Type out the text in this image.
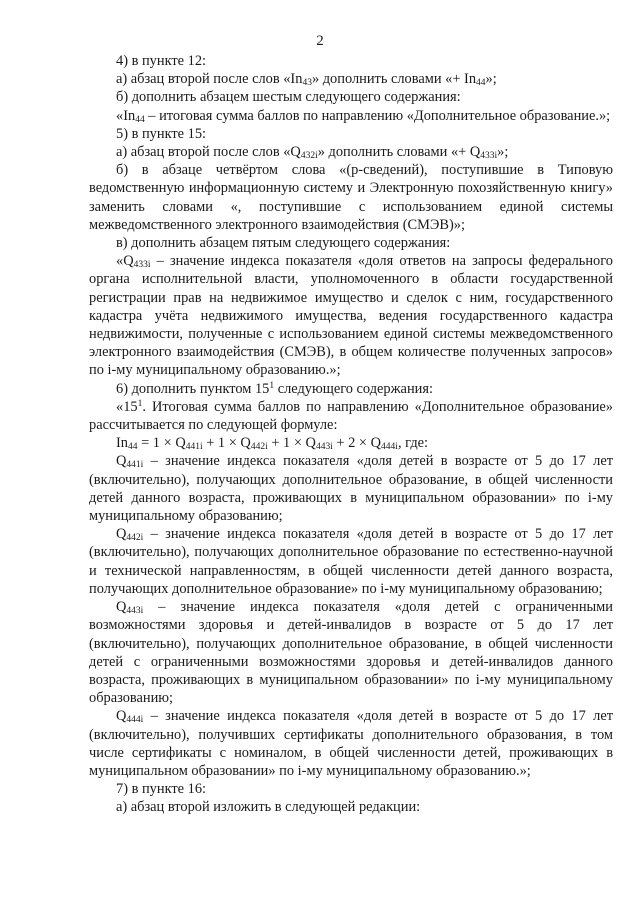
2

4) в пункте 12:

а) абзац второй после слов «$In_{43}$» дополнить словами «+ $In_{44}$»;

б) дополнить абзацем шестым следующего содержания:

«$In_{44}$ – итоговая сумма баллов по направлению «Дополнительное образование.»;

5) в пункте 15:

а) абзац второй после слов «$Q_{432i}$» дополнить словами «+ $Q_{433i}$»;

б) в абзаце четвёртом слова «(р-сведений), поступившие в Типовую ведомственную информационную систему и Электронную похозяйственную книгу» заменить словами «, поступившие с использованием единой системы межведомственного электронного взаимодействия (СМЭВ)»;

в) дополнить абзацем пятым следующего содержания:

«$Q_{433i}$ – значение индекса показателя «доля ответов на запросы федерального органа исполнительной власти, уполномоченного в области государственной регистрации прав на недвижимое имущество и сделок с ним, государственного кадастра учёта недвижимого имущества, ведения государственного кадастра недвижимости, полученные с использованием единой системы межведомственного электронного взаимодействия (СМЭВ), в общем количестве полученных запросов» по i-му муниципальному образованию.»;

6) дополнить пунктом $15^1$ следующего содержания:

«$15^1$. Итоговая сумма баллов по направлению «Дополнительное образование» рассчитывается по следующей формуле:

$In_{44} = 1 \times Q_{441i} + 1 \times Q_{442i} + 1 \times Q_{443i} + 2 \times Q_{444i}$, где:

$Q_{441i}$ – значение индекса показателя «доля детей в возрасте от 5 до 17 лет (включительно), получающих дополнительное образование, в общей численности детей данного возраста, проживающих в муниципальном образовании» по i-му муниципальному образованию;

$Q_{442i}$ – значение индекса показателя «доля детей в возрасте от 5 до 17 лет (включительно), получающих дополнительное образование по естественно-научной и технической направленностям, в общей численности детей данного возраста, получающих дополнительное образование» по i-му муниципальному образованию;

$Q_{443i}$ – значение индекса показателя «доля детей с ограниченными возможностями здоровья и детей-инвалидов в возрасте от 5 до 17 лет (включительно), получающих дополнительное образование, в общей численности детей с ограниченными возможностями здоровья и детей-инвалидов данного возраста, проживающих в муниципальном образовании» по i-му муниципальному образованию;

$Q_{444i}$ – значение индекса показателя «доля детей в возрасте от 5 до 17 лет (включительно), получивших сертификаты дополнительного образования, в том числе сертификаты с номиналом, в общей численности детей, проживающих в муниципальном образовании» по i-му муниципальному образованию.»;

7) в пункте 16:

а) абзац второй изложить в следующей редакции:
